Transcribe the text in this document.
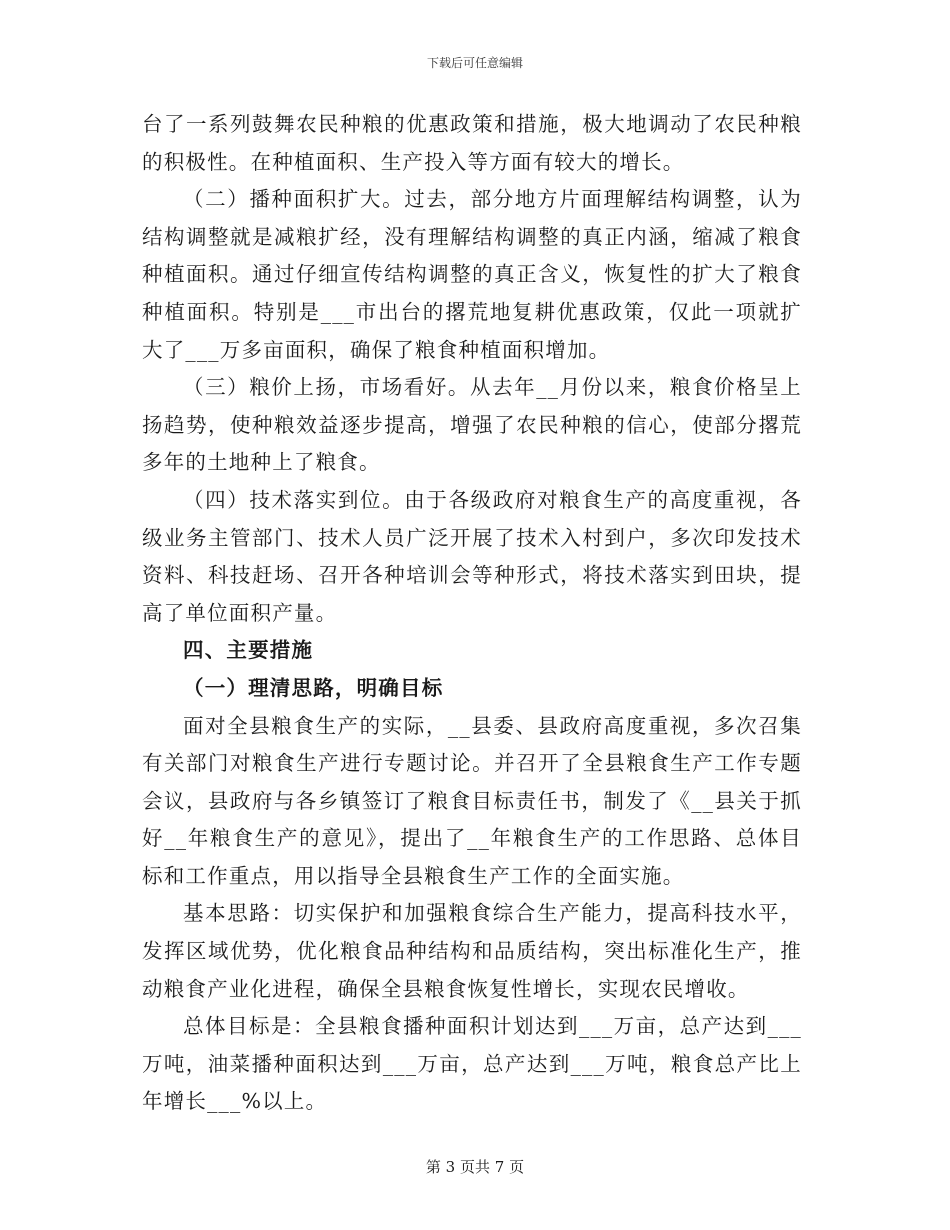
下载后可任意编辑

台了一系列鼓舞农民种粮的优惠政策和措施，极大地调动了农民种粮的积极性。在种植面积、生产投入等方面有较大的增长。

（二）播种面积扩大。过去，部分地方片面理解结构调整，认为结构调整就是减粮扩经，没有理解结构调整的真正内涵，缩减了粮食种植面积。通过仔细宣传结构调整的真正含义，恢复性的扩大了粮食种植面积。特别是___市出台的撂荒地复耕优惠政策，仅此一项就扩大了___万多亩面积，确保了粮食种植面积增加。

（三）粮价上扬，市场看好。从去年__月份以来，粮食价格呈上扬趋势，使种粮效益逐步提高，增强了农民种粮的信心，使部分撂荒多年的土地种上了粮食。

（四）技术落实到位。由于各级政府对粮食生产的高度重视，各级业务主管部门、技术人员广泛开展了技术入村到户，多次印发技术资料、科技赶场、召开各种培训会等种形式，将技术落实到田块，提高了单位面积产量。

四、主要措施

（一）理清思路，明确目标

面对全县粮食生产的实际，__县委、县政府高度重视，多次召集有关部门对粮食生产进行专题讨论。并召开了全县粮食生产工作专题会议，县政府与各乡镇签订了粮食目标责任书，制发了《__县关于抓好__年粮食生产的意见》，提出了__年粮食生产的工作思路、总体目标和工作重点，用以指导全县粮食生产工作的全面实施。

基本思路：切实保护和加强粮食综合生产能力，提高科技水平，发挥区域优势，优化粮食品种结构和品质结构，突出标准化生产，推动粮食产业化进程，确保全县粮食恢复性增长，实现农民增收。

总体目标是：全县粮食播种面积计划达到___万亩，总产达到___万吨，油菜播种面积达到___万亩，总产达到___万吨，粮食总产比上年增长___%以上。

第 3 页共 7 页
